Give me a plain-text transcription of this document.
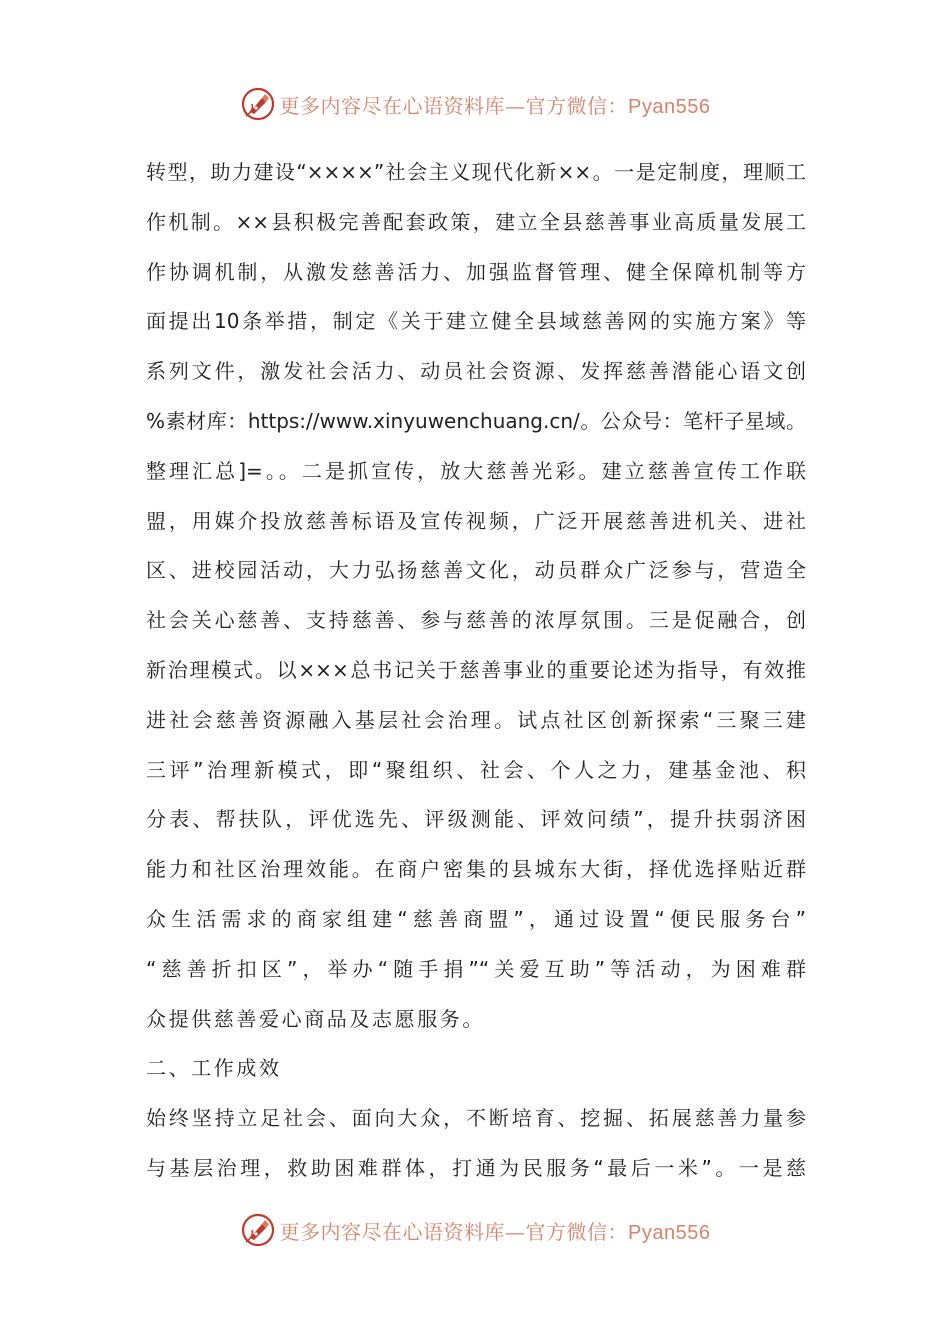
更多内容尽在心语资料库—官方微信：Pyan556
转型，助力建设“××××”社会主义现代化新××。一是定制度，理顺工
作机制。××县积极完善配套政策，建立全县慈善事业高质量发展工
作协调机制，从激发慈善活力、加强监督管理、健全保障机制等方
面提出10条举措，制定《关于建立健全县域慈善网的实施方案》等
系列文件，激发社会活力、动员社会资源、发挥慈善潜能心语文创
%素材库：https://www.xinyuwenchuang.cn/。公众号：笔杆子星域。
整理汇总]=。。二是抓宣传，放大慈善光彩。建立慈善宣传工作联
盟，用媒介投放慈善标语及宣传视频，广泛开展慈善进机关、进社
区、进校园活动，大力弘扬慈善文化，动员群众广泛参与，营造全
社会关心慈善、支持慈善、参与慈善的浓厚氛围。三是促融合，创
新治理模式。以×××总书记关于慈善事业的重要论述为指导，有效推
进社会慈善资源融入基层社会治理。试点社区创新探索“三聚三建
三评”治理新模式，即“聚组织、社会、个人之力，建基金池、积
分表、帮扶队，评优选先、评级测能、评效问绩”，提升扶弱济困
能力和社区治理效能。在商户密集的县城东大街，择优选择贴近群
众生活需求的商家组建“慈善商盟”，通过设置“便民服务台”
“慈善折扣区”，举办“随手捐”“关爱互助”等活动，为困难群
众提供慈善爱心商品及志愿服务。
二、工作成效
始终坚持立足社会、面向大众，不断培育、挖掘、拓展慈善力量参
与基层治理，救助困难群体，打通为民服务“最后一米”。一是慈
更多内容尽在心语资料库—官方微信：Pyan556
